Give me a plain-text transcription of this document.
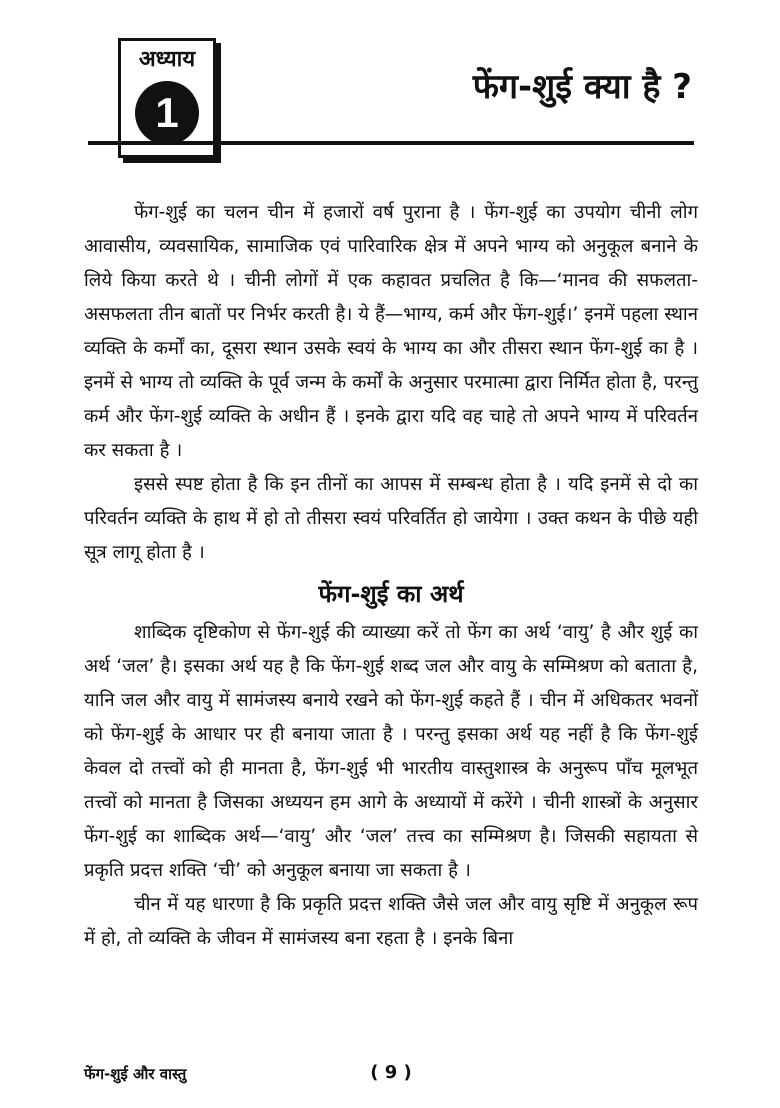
अध्याय
1
फेंग-शुई क्या है ?

फेंग-शुई का चलन चीन में हजारों वर्ष पुराना है । फेंग-शुई का उपयोग चीनी लोग आवासीय, व्यवसायिक, सामाजिक एवं पारिवारिक क्षेत्र में अपने भाग्य को अनुकूल बनाने के लिये किया करते थे । चीनी लोगों में एक कहावत प्रचलित है कि—‘मानव की सफलता-असफलता तीन बातों पर निर्भर करती है। ये हैं—भाग्य, कर्म और फेंग-शुई।’ इनमें पहला स्थान व्यक्ति के कर्मों का, दूसरा स्थान उसके स्वयं के भाग्य का और तीसरा स्थान फेंग-शुई का है । इनमें से भाग्य तो व्यक्ति के पूर्व जन्म के कर्मों के अनुसार परमात्मा द्वारा निर्मित होता है, परन्तु कर्म और फेंग-शुई व्यक्ति के अधीन हैं । इनके द्वारा यदि वह चाहे तो अपने भाग्य में परिवर्तन कर सकता है ।

इससे स्पष्ट होता है कि इन तीनों का आपस में सम्बन्ध होता है । यदि इनमें से दो का परिवर्तन व्यक्ति के हाथ में हो तो तीसरा स्वयं परिवर्तित हो जायेगा । उक्त कथन के पीछे यही सूत्र लागू होता है ।

फेंग-शुई का अर्थ

शाब्दिक दृष्टिकोण से फेंग-शुई की व्याख्या करें तो फेंग का अर्थ ‘वायु’ है और शुई का अर्थ ‘जल’ है। इसका अर्थ यह है कि फेंग-शुई शब्द जल और वायु के सम्मिश्रण को बताता है, यानि जल और वायु में सामंजस्य बनाये रखने को फेंग-शुई कहते हैं । चीन में अधिकतर भवनों को फेंग-शुई के आधार पर ही बनाया जाता है । परन्तु इसका अर्थ यह नहीं है कि फेंग-शुई केवल दो तत्त्वों को ही मानता है, फेंग-शुई भी भारतीय वास्तुशास्त्र के अनुरूप पाँच मूलभूत तत्त्वों को मानता है जिसका अध्ययन हम आगे के अध्यायों में करेंगे । चीनी शास्त्रों के अनुसार फेंग-शुई का शाब्दिक अर्थ—‘वायु’ और ‘जल’ तत्त्व का सम्मिश्रण है। जिसकी सहायता से प्रकृति प्रदत्त शक्ति ‘ची’ को अनुकूल बनाया जा सकता है ।

चीन में यह धारणा है कि प्रकृति प्रदत्त शक्ति जैसे जल और वायु सृष्टि में अनुकूल रूप में हो, तो व्यक्ति के जीवन में सामंजस्य बना रहता है । इनके बिना

फेंग-शुई और वास्तु	( 9 )
